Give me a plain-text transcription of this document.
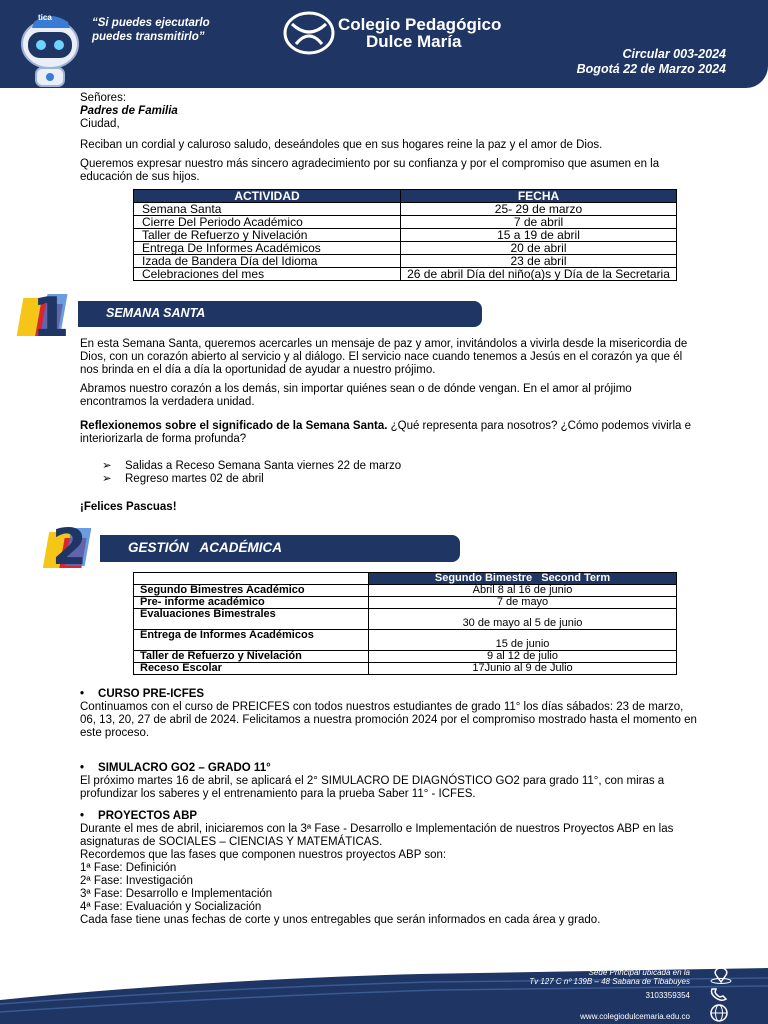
tica	“Si puedes ejecutarlo
puedes transmitirlo”
Colegio Pedagógico
Dulce María
Circular 003-2024
Bogotá 22 de Marzo 2024

Señores:

Padres de Familia

Ciudad,

Reciban un cordial y caluroso saludo, deseándoles que en sus hogares reine la paz y el amor de Dios.

Queremos expresar nuestro más sincero agradecimiento por su confianza y por el compromiso que asumen en la educación de sus hijos.

ACTIVIDAD	FECHA
Semana Santa	25- 29 de marzo
Cierre Del Periodo Académico	7 de abril
Taller de Refuerzo y Nivelación	15 a 19 de abril
Entrega De Informes Académicos	20 de abril
Izada de Bandera Día del Idioma	23 de abril
Celebraciones del mes	26 de abril Día del niño(a)s y Día de la Secretaria
1	SEMANA SANTA

En esta Semana Santa, queremos acercarles un mensaje de paz y amor, invitándolos a vivirla desde la misericordia de Dios, con un corazón abierto al servicio y al diálogo. El servicio nace cuando tenemos a Jesús en el corazón ya que él nos brinda en el día a día la oportunidad de ayudar a nuestro prójimo.

Abramos nuestro corazón a los demás, sin importar quiénes sean o de dónde vengan. En el amor al prójimo encontramos la verdadera unidad.

Reflexionemos sobre el significado de la Semana Santa. ¿Qué representa para nosotros? ¿Cómo podemos vivirla e interiorizarla de forma profunda?

➢ Salidas a Receso Semana Santa viernes 22 de marzo
➢ Regreso martes 02 de abril

¡Felices Pascuas!

2	GESTIÓN   ACADÉMICA
	Segundo Bimestre   Second Term
Segundo Bimestres Académico	Abril 8 al 16 de junio
Pre- informe académico	7 de mayo
Evaluaciones Bimestrales	30 de mayo al 5 de junio
Entrega de Informes Académicos	15 de junio
Taller de Refuerzo y Nivelación	9 al 12 de julio
Receso Escolar	17Junio al 9 de Julio

• CURSO PRE-ICFES

Continuamos con el curso de PREICFES con todos nuestros estudiantes de grado 11° los días sábados: 23 de marzo, 06, 13, 20, 27 de abril de 2024. Felicitamos a nuestra promoción 2024 por el compromiso mostrado hasta el momento en este proceso.

• SIMULACRO GO2 – GRADO 11°

El próximo martes 16 de abril, se aplicará el 2° SIMULACRO DE DIAGNÓSTICO GO2 para grado 11°, con miras a profundizar los saberes y el entrenamiento para la prueba Saber 11° - ICFES.

• PROYECTOS ABP

Durante el mes de abril, iniciaremos con la 3ª Fase - Desarrollo e Implementación de nuestros Proyectos ABP en las asignaturas de SOCIALES – CIENCIAS Y MATEMÁTICAS.

Recordemos que las fases que componen nuestros proyectos ABP son:

1ª Fase: Definición

2ª Fase: Investigación

3ª Fase: Desarrollo e Implementación

4ª Fase: Evaluación y Socialización

Cada fase tiene unas fechas de corte y unos entregables que serán informados en cada área y grado.

Sede Principal ubicada en la
Tv 127 C nº 139B – 48 Sabana de Tibabuyes
3103359354
www.colegiodulcemaria.edu.co
